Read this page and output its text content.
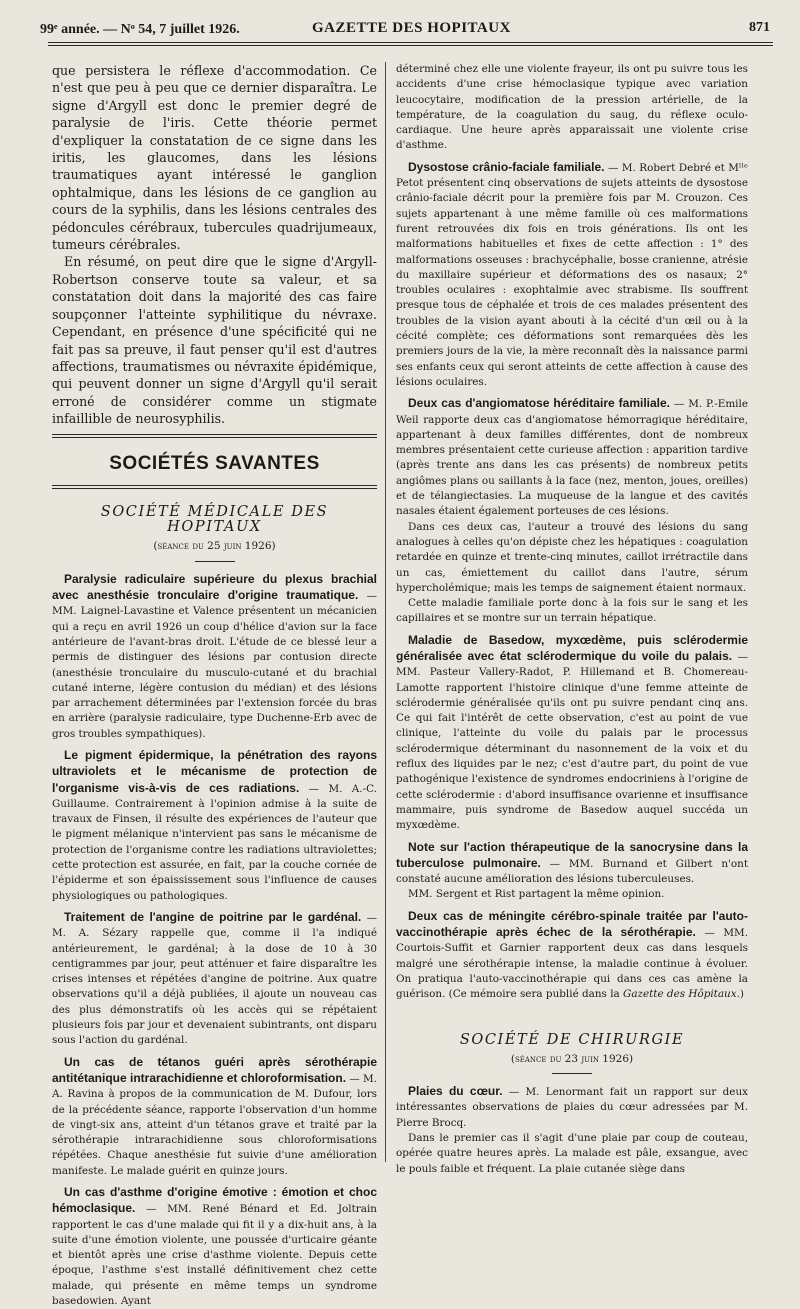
99ᵉ année. — Nᵒ 54, 7 juillet 1926.	GAZETTE DES HOPITAUX	871

que persistera le réflexe d'accommodation. Ce n'est que peu à peu que ce dernier disparaîtra. Le signe d'Argyll est donc le premier degré de paralysie de l'iris. Cette théorie permet d'expliquer la constatation de ce signe dans les iritis, les glaucomes, dans les lésions traumatiques ayant intéressé le ganglion ophtalmique, dans les lésions de ce ganglion au cours de la syphilis, dans les lésions centrales des pédoncules cérébraux, tubercules quadrijumeaux, tumeurs cérébrales.

En résumé, on peut dire que le signe d'Argyll-Robertson conserve toute sa valeur, et sa constatation doit dans la majorité des cas faire soupçonner l'atteinte syphilitique du névraxe. Cependant, en présence d'une spécificité qui ne fait pas sa preuve, il faut penser qu'il est d'autres affections, traumatismes ou névraxite épidémique, qui peuvent donner un signe d'Argyll qu'il serait erroné de considérer comme un stigmate infaillible de neurosyphilis.

SOCIÉTÉS SAVANTES
SOCIÉTÉ MÉDICALE DES HOPITAUX
(séance du 25 juin 1926)

Paralysie radiculaire supérieure du plexus brachial avec anesthésie tronculaire d'origine traumatique. — MM. Laignel-Lavastine et Valence présentent un mécanicien qui a reçu en avril 1926 un coup d'hélice d'avion sur la face antérieure de l'avant-bras droit. L'étude de ce blessé leur a permis de distinguer des lésions par contusion directe (anesthésie tronculaire du musculo-cutané et du brachial cutané interne, légère contusion du médian) et des lésions par arrachement déterminées par l'extension forcée du bras en arrière (paralysie radiculaire, type Duchenne-Erb avec de gros troubles sympathiques).

Le pigment épidermique, la pénétration des rayons ultraviolets et le mécanisme de protection de l'organisme vis-à-vis de ces radiations. — M. A.-C. Guillaume. Contrairement à l'opinion admise à la suite de travaux de Finsen, il résulte des expériences de l'auteur que le pigment mélanique n'intervient pas sans le mécanisme de protection de l'organisme contre les radiations ultraviolettes; cette protection est assurée, en fait, par la couche cornée de l'épiderme et son épaississement sous l'influence de causes physiologiques ou pathologiques.

Traitement de l'angine de poitrine par le gardénal. — M. A. Sézary rappelle que, comme il l'a indiqué antérieurement, le gardénal; à la dose de 10 à 30 centigrammes par jour, peut atténuer et faire disparaître les crises intenses et répétées d'angine de poitrine. Aux quatre observations qu'il a déjà publiées, il ajoute un nouveau cas des plus démonstratifs où les accès qui se répétaient plusieurs fois par jour et devenaient subintrants, ont disparu sous l'action du gardénal.

Un cas de tétanos guéri après sérothérapie antitétanique intrarachidienne et chloroformisation. — M. A. Ravina à propos de la communication de M. Dufour, lors de la précédente séance, rapporte l'observation d'un homme de vingt-six ans, atteint d'un tétanos grave et traité par la sérothérapie intrarachidienne sous chloroformisations répétées. Chaque anesthésie fut suivie d'une amélioration manifeste. Le malade guérit en quinze jours.

Un cas d'asthme d'origine émotive : émotion et choc hémoclasique. — MM. René Bénard et Ed. Joltrain rapportent le cas d'une malade qui fit il y a dix-huit ans, à la suite d'une émotion violente, une poussée d'urticaire géante et bientôt après une crise d'asthme violente. Depuis cette époque, l'asthme s'est installé définitivement chez cette malade, qui présente en même temps un syndrome basedowien. Ayant

déterminé chez elle une violente frayeur, ils ont pu suivre tous les accidents d'une crise hémoclasique typique avec variation leucocytaire, modification de la pression artérielle, de la température, de la coagulation du saug, du réflexe oculo-cardiaque. Une heure après apparaissait une violente crise d'asthme.

Dysostose crânio-faciale familiale. — M. Robert Debré et Mˡˡᵉ Petot présentent cinq observations de sujets atteints de dysostose crânio-faciale décrit pour la première fois par M. Crouzon. Ces sujets appartenant à une même famille où ces malformations furent retrouvées dix fois en trois générations. Ils ont les malformations habituelles et fixes de cette affection : 1° des malformations osseuses : brachycéphalie, bosse cranienne, atrésie du maxillaire supérieur et déformations des os nasaux; 2° troubles oculaires : exophtalmie avec strabisme. Ils souffrent presque tous de céphalée et trois de ces malades présentent des troubles de la vision ayant abouti à la cécité d'un œil ou à la cécité complète; ces déformations sont remarquées dès les premiers jours de la vie, la mère reconnaît dès la naissance parmi ses enfants ceux qui seront atteints de cette affection à cause des lésions oculaires.

Deux cas d'angiomatose héréditaire familiale. — M. P.-Emile Weil rapporte deux cas d'angiomatose hémorragique héréditaire, appartenant à deux familles différentes, dont de nombreux membres présentaient cette curieuse affection : apparition tardive (après trente ans dans les cas présents) de nombreux petits angiômes plans ou saillants à la face (nez, menton, joues, oreilles) et de télangiectasies. La muqueuse de la langue et des cavités nasales étaient également porteuses de ces lésions.

Dans ces deux cas, l'auteur a trouvé des lésions du sang analogues à celles qu'on dépiste chez les hépatiques : coagulation retardée en quinze et trente-cinq minutes, caillot irrétractile dans un cas, émiettement du caillot dans l'autre, sérum hypercholémique; mais les temps de saignement étaient normaux.

Cette maladie familiale porte donc à la fois sur le sang et les capillaires et se montre sur un terrain hépatique.

Maladie de Basedow, myxœdème, puis sclérodermie généralisée avec état sclérodermique du voile du palais. — MM. Pasteur Vallery-Radot, P. Hillemand et B. Chomereau-Lamotte rapportent l'histoire clinique d'une femme atteinte de sclérodermie généralisée qu'ils ont pu suivre pendant cinq ans. Ce qui fait l'intérêt de cette observation, c'est au point de vue clinique, l'atteinte du voile du palais par le processus sclérodermique déterminant du nasonnement de la voix et du reflux des liquides par le nez; c'est d'autre part, du point de vue pathogénique l'existence de syndromes endocriniens à l'origine de cette sclérodermie : d'abord insuffisance ovarienne et insuffisance mammaire, puis syndrome de Basedow auquel succéda un myxœdème.

Note sur l'action thérapeutique de la sanocrysine dans la tuberculose pulmonaire. — MM. Burnand et Gilbert n'ont constaté aucune amélioration des lésions tuberculeuses.

MM. Sergent et Rist partagent la même opinion.

Deux cas de méningite cérébro-spinale traitée par l'auto-vaccinothérapie après échec de la sérothérapie. — MM. Courtois-Suffit et Garnier rapportent deux cas dans lesquels malgré une sérothérapie intense, la maladie continue à évoluer. On pratiqua l'auto-vaccinothérapie qui dans ces cas amène la guérison. (Ce mémoire sera publié dans la Gazette des Hôpitaux.)

SOCIÉTÉ DE CHIRURGIE
(séance du 23 juin 1926)

Plaies du cœur. — M. Lenormant fait un rapport sur deux intéressantes observations de plaies du cœur adressées par M. Pierre Brocq.

Dans le premier cas il s'agit d'une plaie par coup de couteau, opérée quatre heures après. La malade est pâle, exsangue, avec le pouls faible et fréquent. La plaie cutanée siège dans
